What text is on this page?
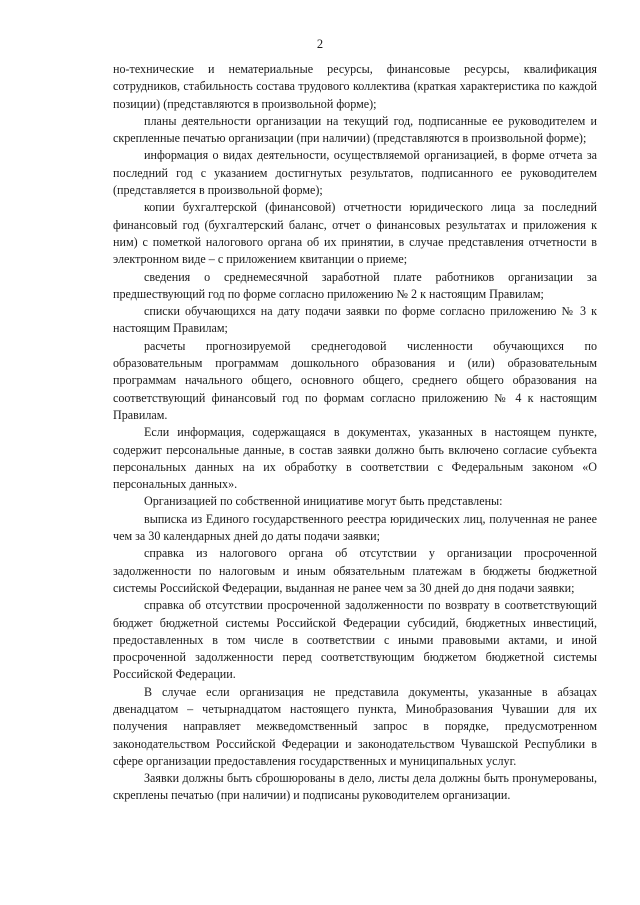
2

но-технические и нематериальные ресурсы, финансовые ресурсы, квалификация сотрудников, стабильность состава трудового коллектива (краткая характеристика по каждой позиции) (представляются в произвольной форме);

планы деятельности организации на текущий год, подписанные ее руководителем и скрепленные печатью организации (при наличии) (представляются в произвольной форме);

информация о видах деятельности, осуществляемой организацией, в форме отчета за последний год с указанием достигнутых результатов, подписанного ее руководителем (представляется в произвольной форме);

копии бухгалтерской (финансовой) отчетности юридического лица за последний финансовый год (бухгалтерский баланс, отчет о финансовых результатах и приложения к ним) с пометкой налогового органа об их принятии, в случае представления отчетности в электронном виде – с приложением квитанции о приеме;

сведения о среднемесячной заработной плате работников организации за предшествующий год по форме согласно приложению № 2 к настоящим Правилам;

списки обучающихся на дату подачи заявки по форме согласно приложению № 3 к настоящим Правилам;

расчеты прогнозируемой среднегодовой численности обучающихся по образовательным программам дошкольного образования и (или) образовательным программам начального общего, основного общего, среднего общего образования на соответствующий финансовый год по формам согласно приложению № 4 к настоящим Правилам.

Если информация, содержащаяся в документах, указанных в настоящем пункте, содержит персональные данные, в состав заявки должно быть включено согласие субъекта персональных данных на их обработку в соответствии с Федеральным законом «О персональных данных».

Организацией по собственной инициативе могут быть представлены:

выписка из Единого государственного реестра юридических лиц, полученная не ранее чем за 30 календарных дней до даты подачи заявки;

справка из налогового органа об отсутствии у организации просроченной задолженности по налоговым и иным обязательным платежам в бюджеты бюджетной системы Российской Федерации, выданная не ранее чем за 30 дней до дня подачи заявки;

справка об отсутствии просроченной задолженности по возврату в соответствующий бюджет бюджетной системы Российской Федерации субсидий, бюджетных инвестиций, предоставленных в том числе в соответствии с иными правовыми актами, и иной просроченной задолженности перед соответствующим бюджетом бюджетной системы Российской Федерации.

В случае если организация не представила документы, указанные в абзацах двенадцатом – четырнадцатом настоящего пункта, Минобразования Чувашии для их получения направляет межведомственный запрос в порядке, предусмотренном законодательством Российской Федерации и законодательством Чувашской Республики в сфере организации предоставления государственных и муниципальных услуг.

Заявки должны быть сброшюрованы в дело, листы дела должны быть пронумерованы, скреплены печатью (при наличии) и подписаны руководителем организации.
